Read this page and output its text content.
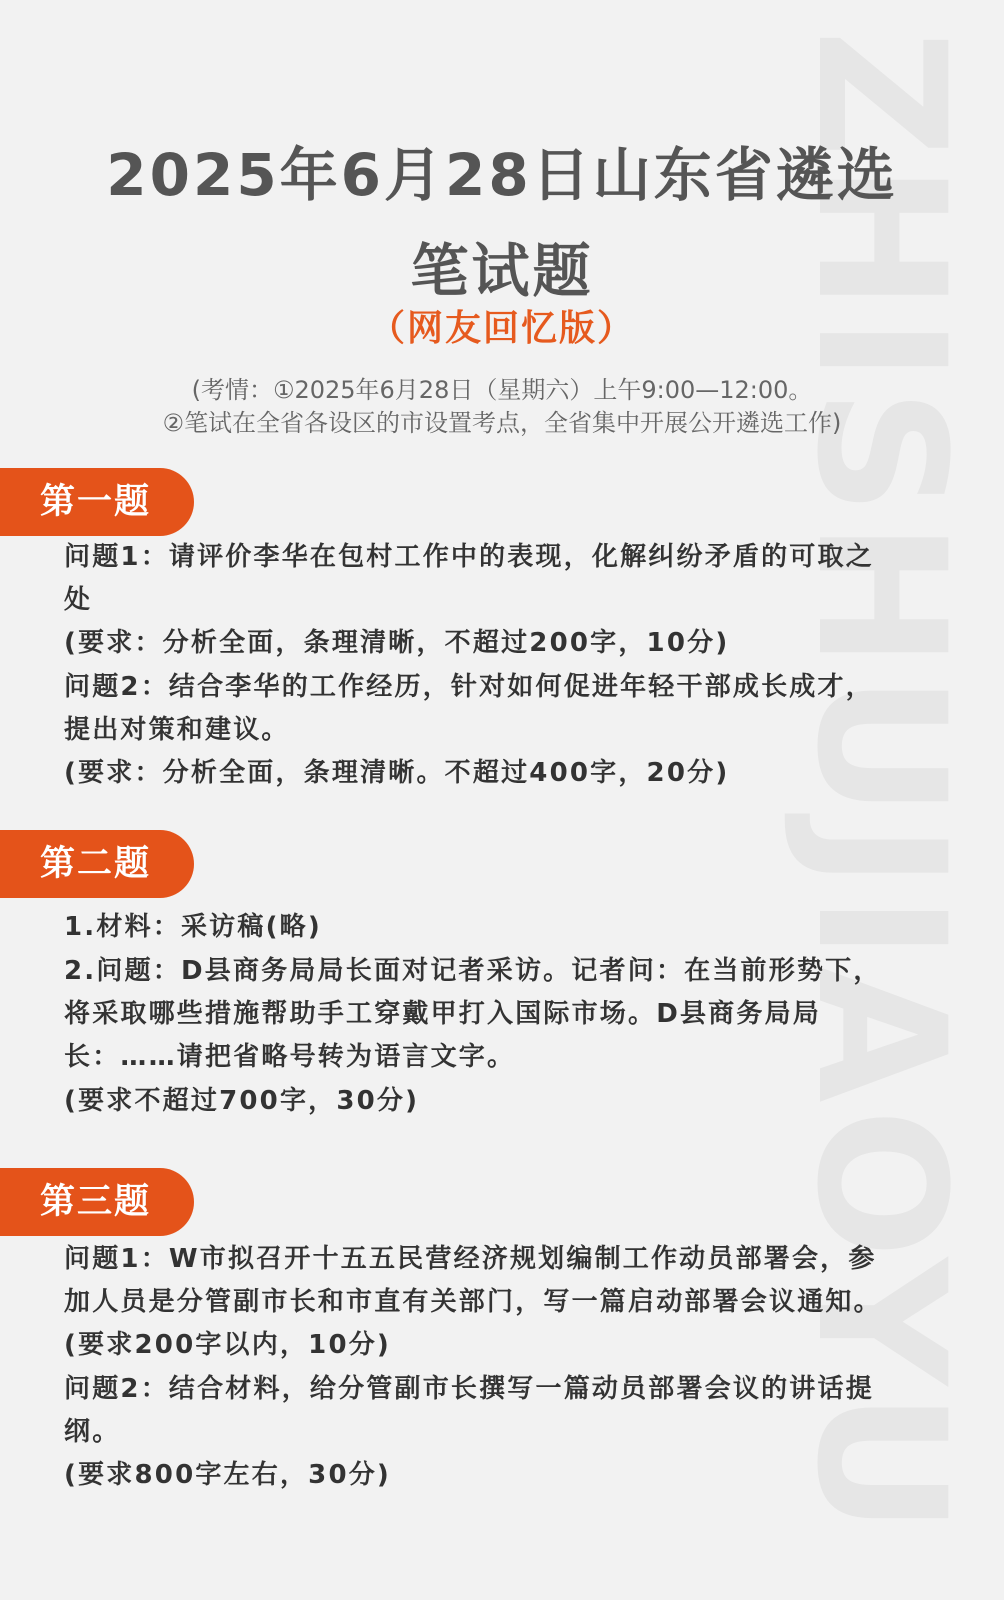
ZHISHUJIAOYU
2025年6月28日山东省遴选
笔试题
（网友回忆版）
(考情：①2025年6月28日（星期六）上午9:00—12:00。
②笔试在全省各设区的市设置考点，全省集中开展公开遴选工作)
第一题
问题1：请评价李华在包村工作中的表现，化解纠纷矛盾的可取之
处
(要求：分析全面，条理清晰，不超过200字，10分)
问题2：结合李华的工作经历，针对如何促进年轻干部成长成才，
提出对策和建议。
(要求：分析全面，条理清晰。不超过400字，20分)
第二题
1.材料：采访稿(略)
2.问题：D县商务局局长面对记者采访。记者问：在当前形势下，
将采取哪些措施帮助手工穿戴甲打入国际市场。D县商务局局
长：……请把省略号转为语言文字。
(要求不超过700字，30分)
第三题
问题1：W市拟召开十五五民营经济规划编制工作动员部署会，参
加人员是分管副市长和市直有关部门，写一篇启动部署会议通知。
(要求200字以内，10分)
问题2：结合材料，给分管副市长撰写一篇动员部署会议的讲话提
纲。
(要求800字左右，30分)
